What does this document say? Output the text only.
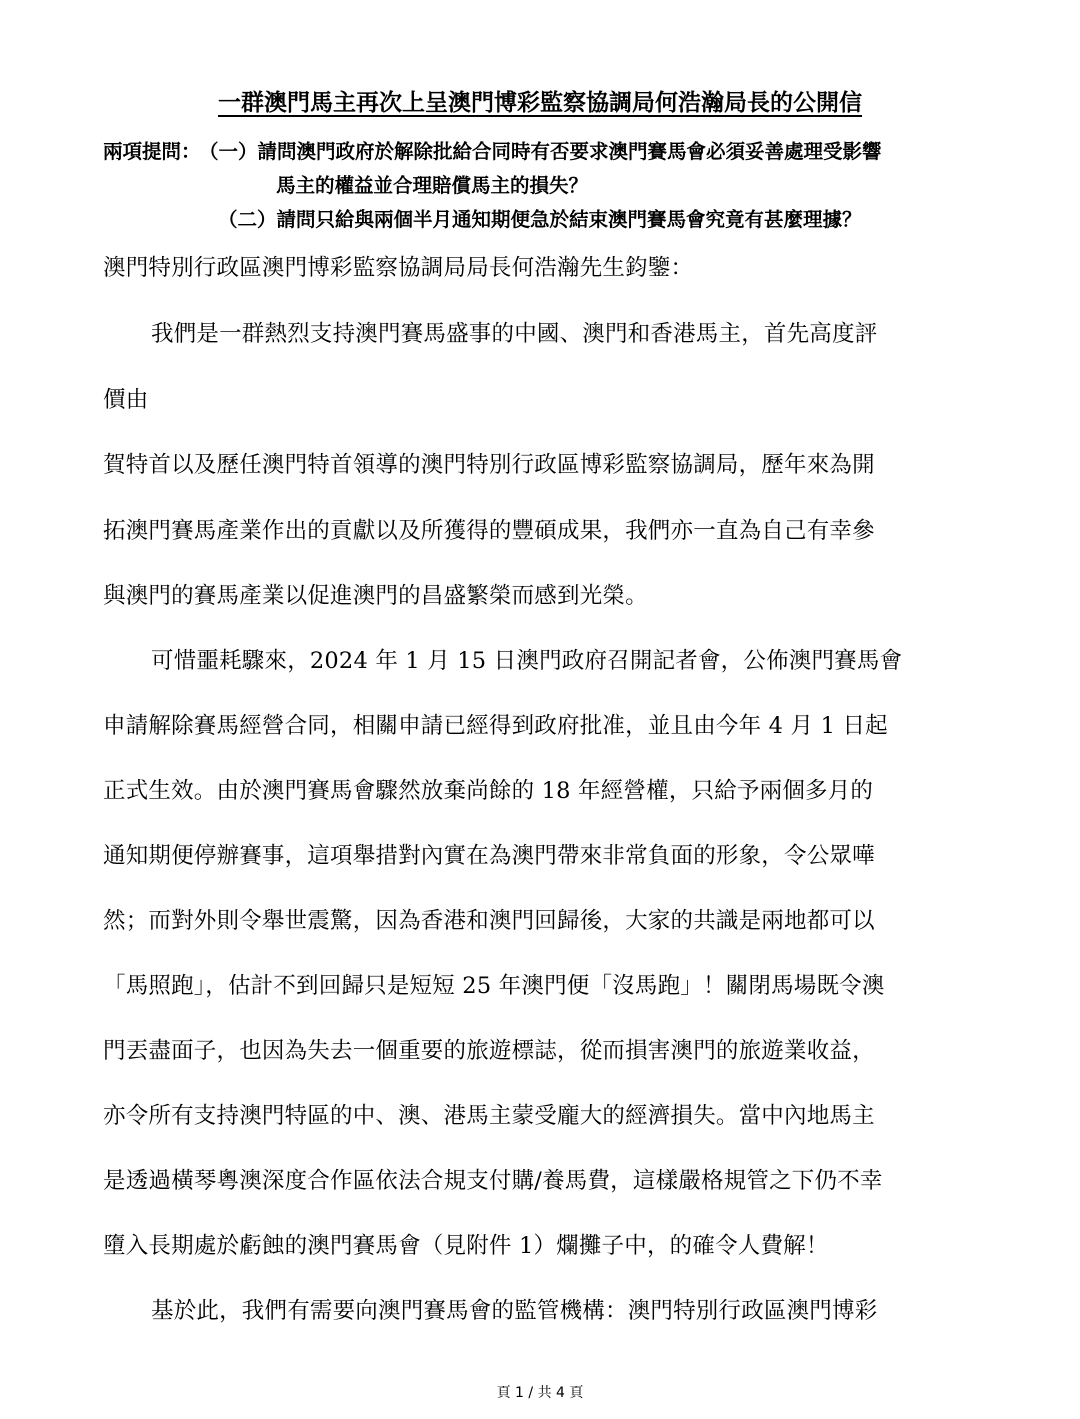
一群澳門馬主再次上呈澳門博彩監察協調局何浩瀚局長的公開信
兩項提問：
（一）請問澳門政府於解除批給合同時有否要求澳門賽馬會必須妥善處理受影響
馬主的權益並合理賠償馬主的損失？
（二）請問只給與兩個半月通知期便急於結束澳門賽馬會究竟有甚麼理據？
澳門特別行政區澳門博彩監察協調局局長何浩瀚先生鈞鑒：
我們是一群熱烈支持澳門賽馬盛事的中國、澳門和香港馬主，首先高度評
價由
賀特首以及歷任澳門特首領導的澳門特別行政區博彩監察協調局，歷年來為開
拓澳門賽馬產業作出的貢獻以及所獲得的豐碩成果，我們亦一直為自己有幸參
與澳門的賽馬產業以促進澳門的昌盛繁榮而感到光榮。
可惜噩耗驟來，2024 年 1 月 15 日澳門政府召開記者會，公佈澳門賽馬會
申請解除賽馬經營合同，相關申請已經得到政府批准，並且由今年 4 月 1 日起
正式生效。由於澳門賽馬會驟然放棄尚餘的 18 年經營權，只給予兩個多月的
通知期便停辦賽事，這項舉措對內實在為澳門帶來非常負面的形象，令公眾嘩
然；而對外則令舉世震驚，因為香港和澳門回歸後，大家的共識是兩地都可以
「馬照跑」，估計不到回歸只是短短 25 年澳門便「沒馬跑」！關閉馬場既令澳
門丟盡面子，也因為失去一個重要的旅遊標誌，從而損害澳門的旅遊業收益，
亦令所有支持澳門特區的中、澳、港馬主蒙受龐大的經濟損失。當中內地馬主
是透過橫琴粵澳深度合作區依法合規支付購/養馬費，這樣嚴格規管之下仍不幸
墮入長期處於虧蝕的澳門賽馬會（見附件 1）爛攤子中，的確令人費解！
基於此，我們有需要向澳門賽馬會的監管機構：澳門特別行政區澳門博彩
頁 1 / 共 4 頁
